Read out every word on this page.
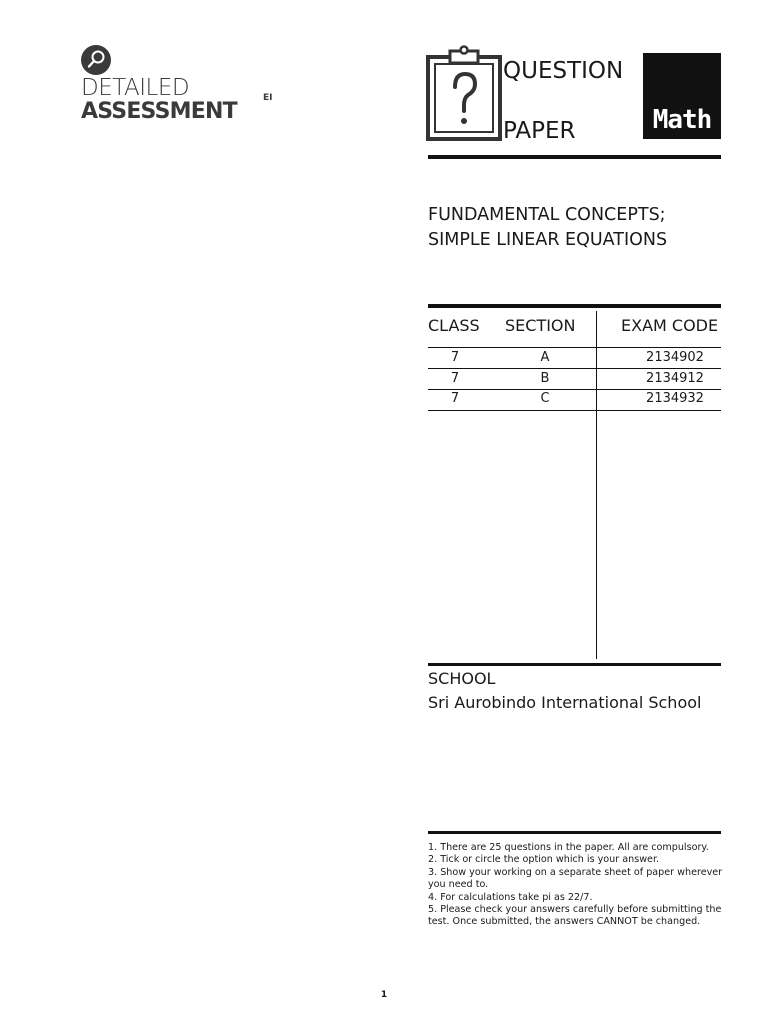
DETAILED
ASSESSMENT
EI
QUESTION
PAPER	Math
FUNDAMENTAL CONCEPTS;
SIMPLE LINEAR EQUATIONS
CLASS SECTION	EXAM CODE
7	A	2134902
7	B	2134912
7	C	2134932
SCHOOL
Sri Aurobindo International School
1. There are 25 questions in the paper. All are compulsory.
2. Tick or circle the option which is your answer.
3. Show your working on a separate sheet of paper wherever you need to.
4. For calculations take pi as 22/7.
5. Please check your answers carefully before submitting the test. Once submitted, the answers CANNOT be changed.
1
